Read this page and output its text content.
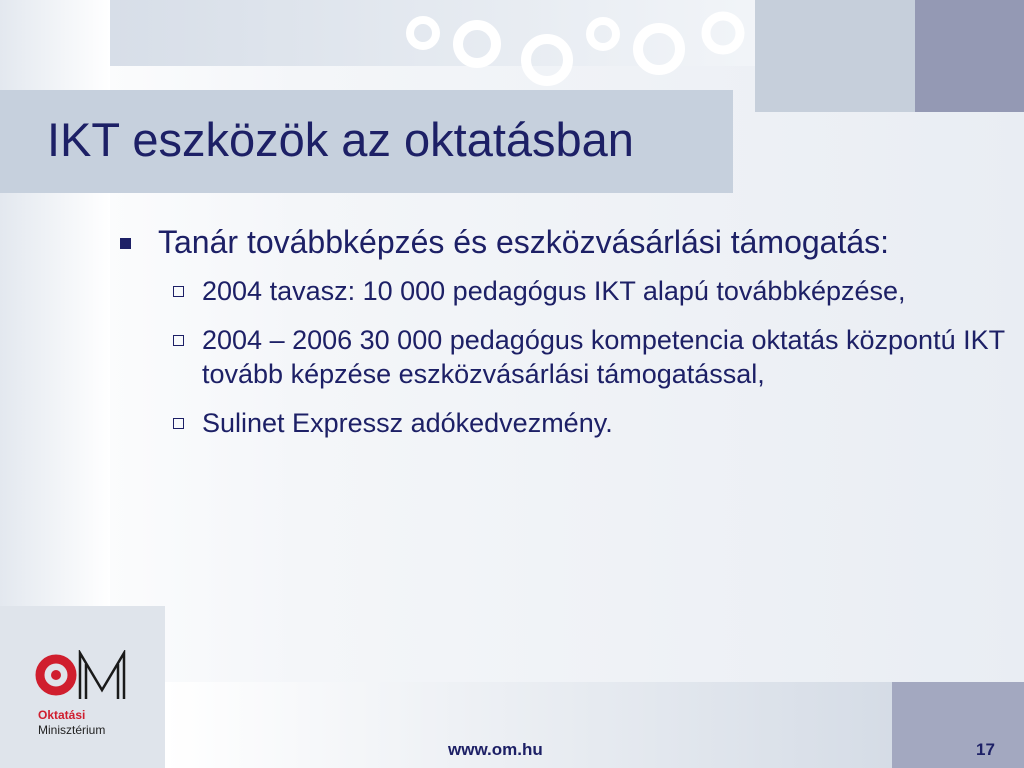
IKT eszközök az oktatásban
Tanár továbbképzés és eszközvásárlási támogatás:
2004 tavasz: 10 000 pedagógus IKT alapú továbbképzése,
2004 – 2006 30 000 pedagógus kompetencia oktatás központú IKT tovább képzése eszközvásárlási támogatással,
Sulinet Expressz adókedvezmény.
Oktatási
Minisztérium
www.om.hu	17
